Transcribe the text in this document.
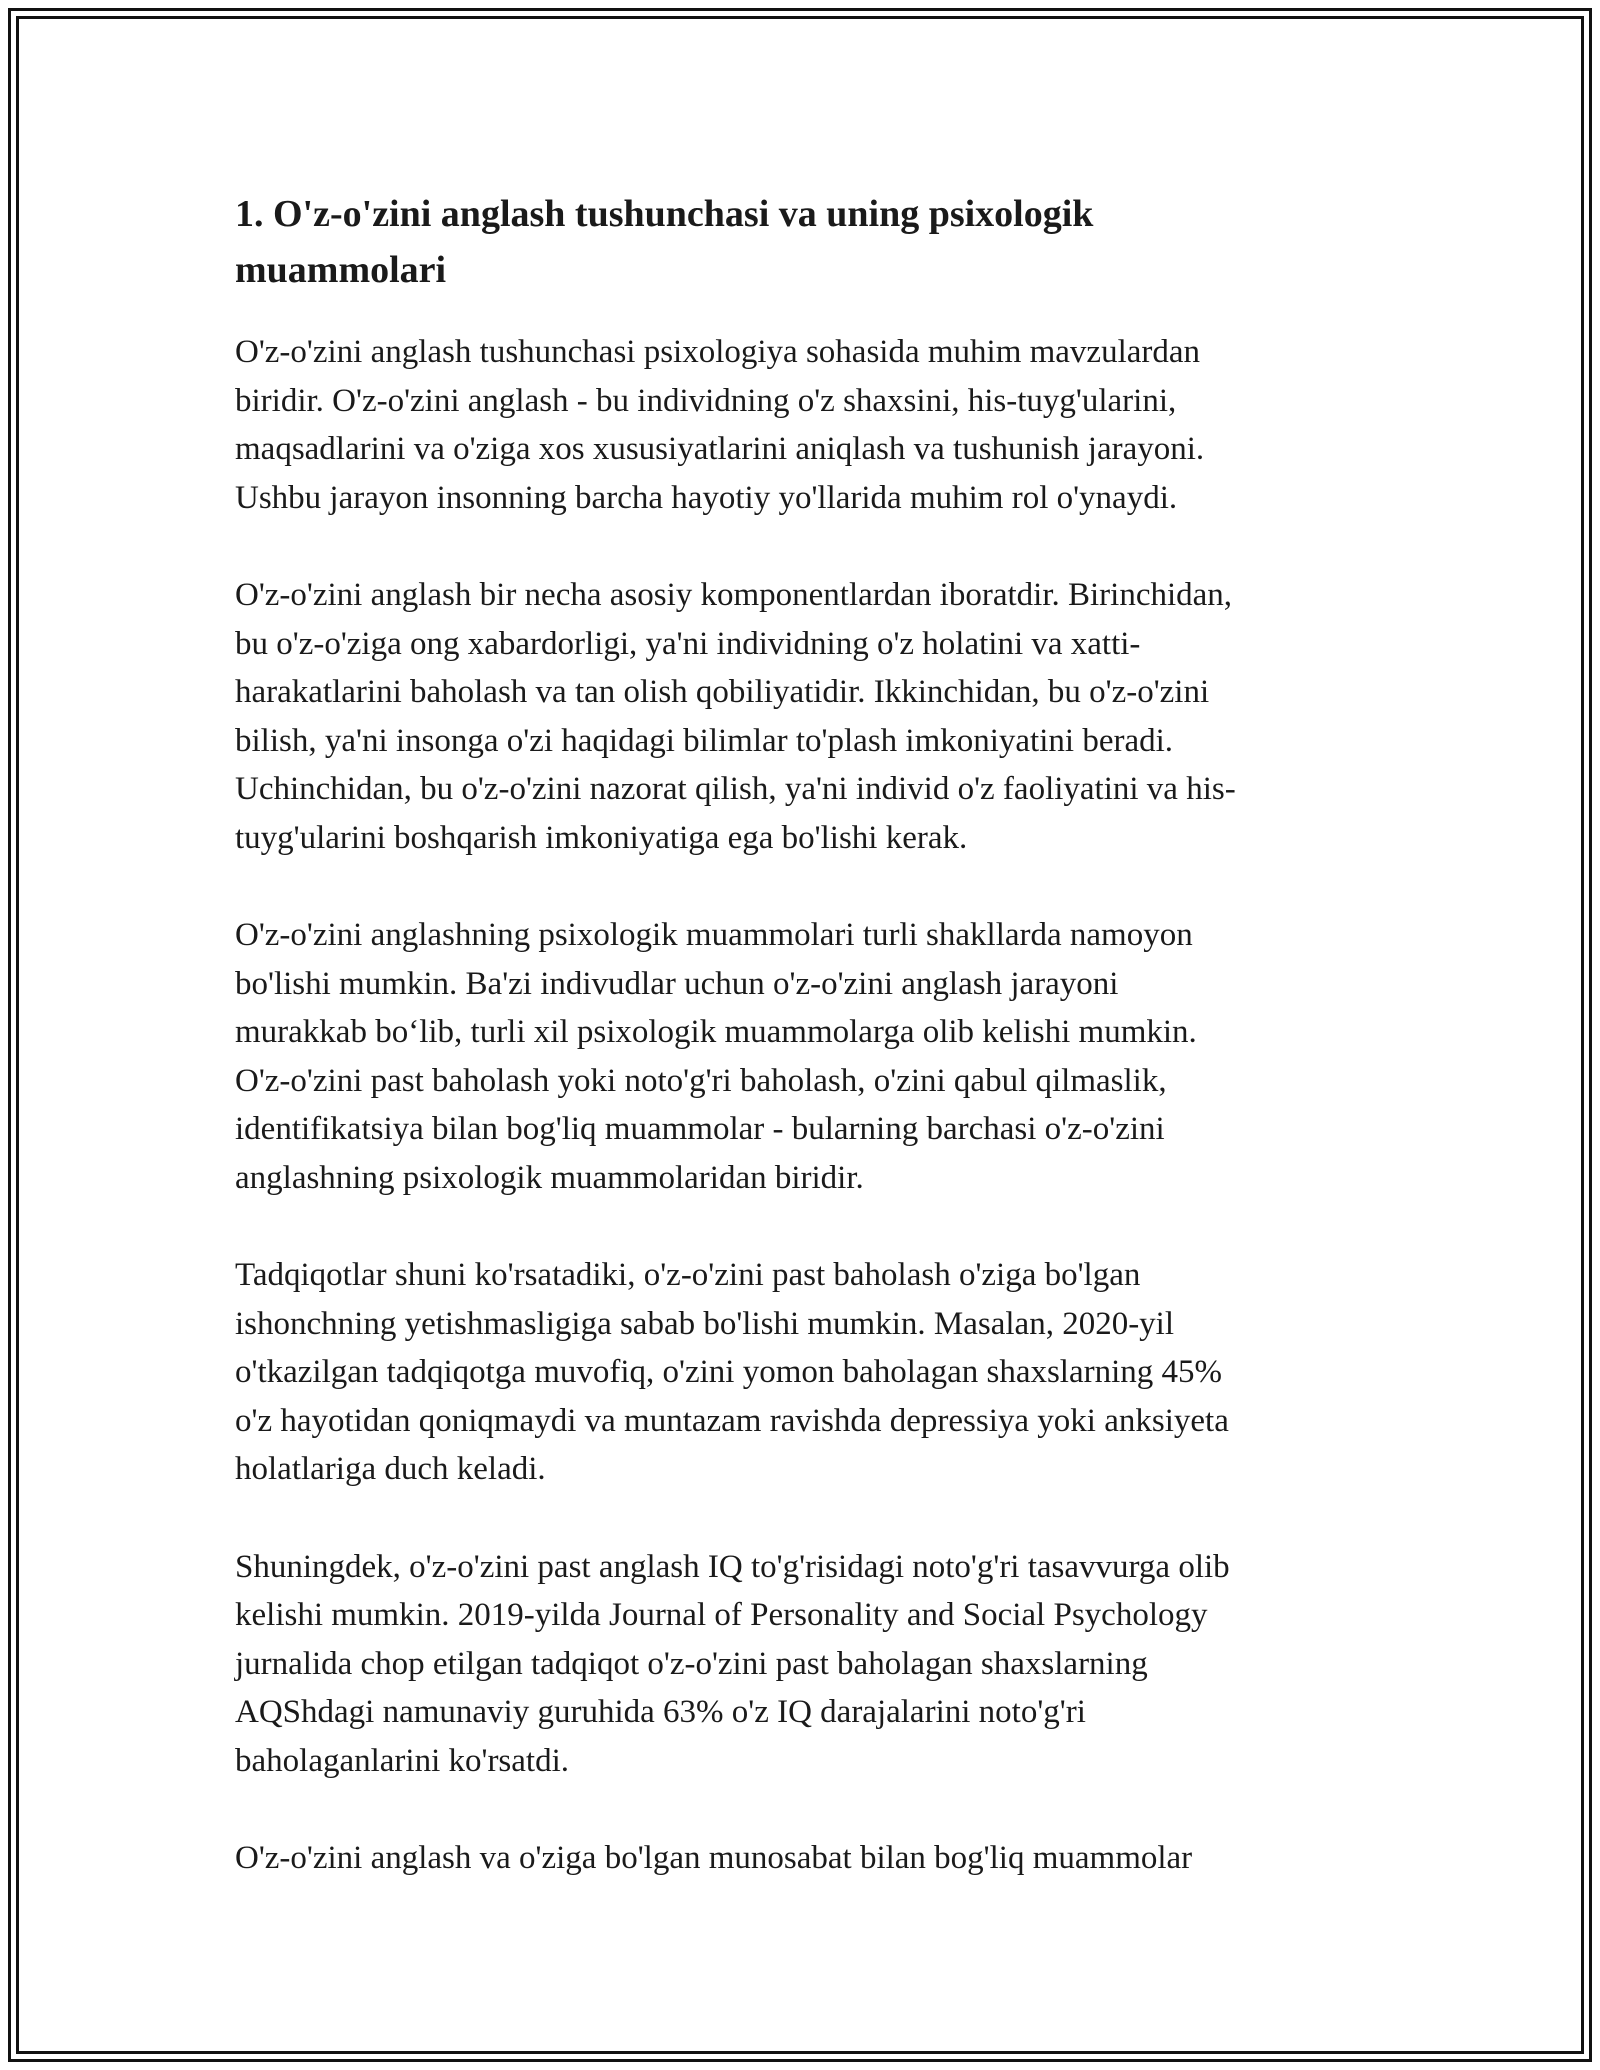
1. O'z-o'zini anglash tushunchasi va uning psixologik
muammolari

O'z-o'zini anglash tushunchasi psixologiya sohasida muhim mavzulardan
biridir. O'z-o'zini anglash - bu individning o'z shaxsini, his-tuyg'ularini,
maqsadlarini va o'ziga xos xususiyatlarini aniqlash va tushunish jarayoni.
Ushbu jarayon insonning barcha hayotiy yo'llarida muhim rol o'ynaydi.

O'z-o'zini anglash bir necha asosiy komponentlardan iboratdir. Birinchidan,
bu o'z-o'ziga ong xabardorligi, ya'ni individning o'z holatini va xatti-
harakatlarini baholash va tan olish qobiliyatidir. Ikkinchidan, bu o'z-o'zini
bilish, ya'ni insonga o'zi haqidagi bilimlar to'plash imkoniyatini beradi.
Uchinchidan, bu o'z-o'zini nazorat qilish, ya'ni individ o'z faoliyatini va his-
tuyg'ularini boshqarish imkoniyatiga ega bo'lishi kerak.

O'z-o'zini anglashning psixologik muammolari turli shakllarda namoyon
bo'lishi mumkin. Ba'zi indivudlar uchun o'z-o'zini anglash jarayoni
murakkab bo‘lib, turli xil psixologik muammolarga olib kelishi mumkin.
O'z-o'zini past baholash yoki noto'g'ri baholash, o'zini qabul qilmaslik,
identifikatsiya bilan bog'liq muammolar - bularning barchasi o'z-o'zini
anglashning psixologik muammolaridan biridir.

Tadqiqotlar shuni ko'rsatadiki, o'z-o'zini past baholash o'ziga bo'lgan
ishonchning yetishmasligiga sabab bo'lishi mumkin. Masalan, 2020-yil
o'tkazilgan tadqiqotga muvofiq, o'zini yomon baholagan shaxslarning 45%
o'z hayotidan qoniqmaydi va muntazam ravishda depressiya yoki anksiyeta
holatlariga duch keladi.

Shuningdek, o'z-o'zini past anglash IQ to'g'risidagi noto'g'ri tasavvurga olib
kelishi mumkin. 2019-yilda Journal of Personality and Social Psychology
jurnalida chop etilgan tadqiqot o'z-o'zini past baholagan shaxslarning
AQShdagi namunaviy guruhida 63% o'z IQ darajalarini noto'g'ri
baholaganlarini ko'rsatdi.

O'z-o'zini anglash va o'ziga bo'lgan munosabat bilan bog'liq muammolar
